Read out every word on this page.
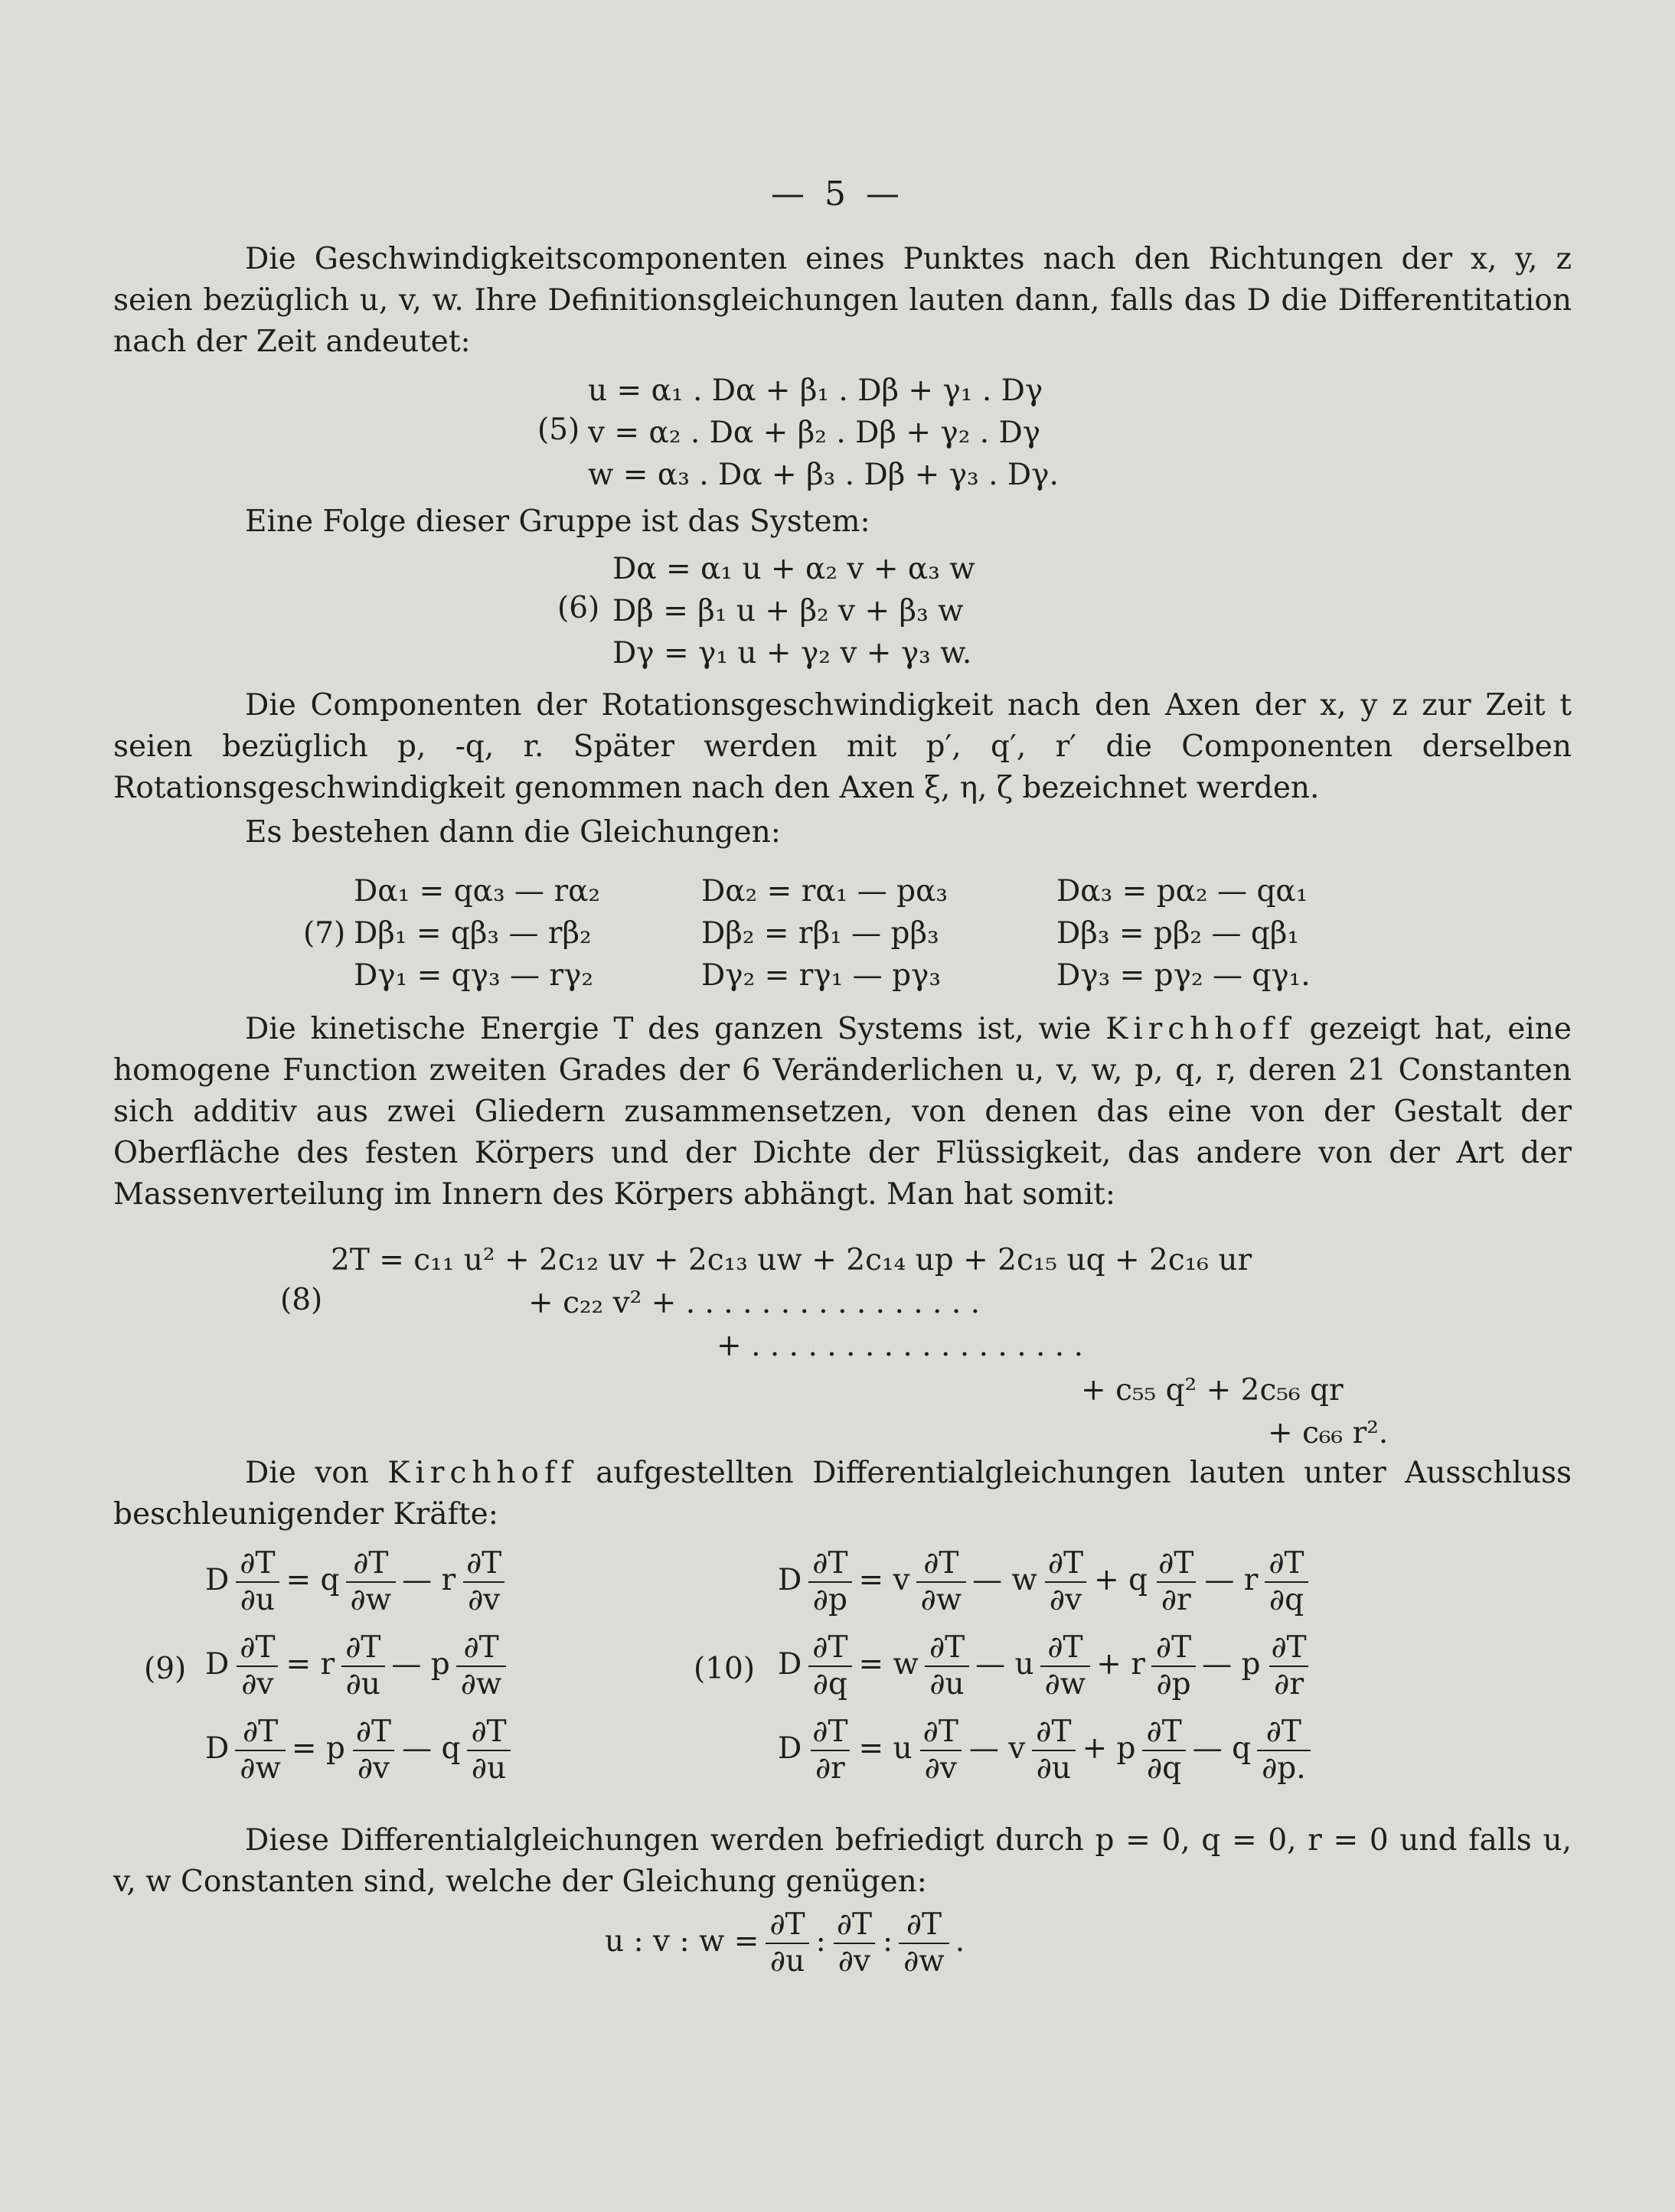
— 5 —

Die Geschwindigkeitscomponenten eines Punktes nach den Richtungen der x, y, z seien bezüglich u, v, w. Ihre Definitionsgleichungen lauten dann, falls das D die Differentitation nach der Zeit andeutet:

(5)
u = α₁ . Dα + β₁ . Dβ + γ₁ . Dγ
v = α₂ . Dα + β₂ . Dβ + γ₂ . Dγ
w = α₃ . Dα + β₃ . Dβ + γ₃ . Dγ.

Eine Folge dieser Gruppe ist das System:

(6)
Dα = α₁ u + α₂ v + α₃ w
Dβ = β₁ u + β₂ v + β₃ w
Dγ = γ₁ u + γ₂ v + γ₃ w.

Die Componenten der Rotationsgeschwindigkeit nach den Axen der x, y z zur Zeit t seien bezüglich p, -q, r. Später werden mit p′, q′, r′ die Componenten derselben Rotationsgeschwindigkeit genommen nach den Axen ξ, η, ζ bezeichnet werden.

Es bestehen dann die Gleichungen:

(7)
Dα₁ = qα₃ — rα₂	Dα₂ = rα₁ — pα₃	Dα₃ = pα₂ — qα₁
Dβ₁ = qβ₃ — rβ₂	Dβ₂ = rβ₁ — pβ₃	Dβ₃ = pβ₂ — qβ₁
Dγ₁ = qγ₃ — rγ₂	Dγ₂ = rγ₁ — pγ₃	Dγ₃ = pγ₂ — qγ₁.

Die kinetische Energie T des ganzen Systems ist, wie Kirchhoff gezeigt hat, eine homogene Function zweiten Grades der 6 Veränderlichen u, v, w, p, q, r, deren 21 Constanten sich additiv aus zwei Gliedern zusammensetzen, von denen das eine von der Gestalt der Oberfläche des festen Körpers und der Dichte der Flüssigkeit, das andere von der Art der Massenverteilung im Innern des Körpers abhängt. Man hat somit:

(8)
2T = c₁₁ u² + 2c₁₂ uv + 2c₁₃ uw + 2c₁₄ up + 2c₁₅ uq + 2c₁₆ ur
+ c₂₂ v² + . . . . . . . . . . . . . . . .
+ . . . . . . . . . . . . . . . . . .
+ c₅₅ q² + 2c₅₆ qr
+ c₆₆ r².

Die von Kirchhoff aufgestellten Differentialgleichungen lauten unter Ausschluss beschleunigender Kräfte:

(9)
D $\frac{\partial T}{\partial u} = q \frac{\partial T}{\partial w}$ — r $\frac{\partial T}{\partial v}$
D $\frac{\partial T}{\partial v} = r \frac{\partial T}{\partial u}$ — p $\frac{\partial T}{\partial w}$
D $\frac{\partial T}{\partial w} = p \frac{\partial T}{\partial v}$ — q $\frac{\partial T}{\partial u}$
(10)
D $\frac{\partial T}{\partial p} = v \frac{\partial T}{\partial w}$ — w $\frac{\partial T}{\partial v} + q \frac{\partial T}{\partial r}$ — r $\frac{\partial T}{\partial q}$
D $\frac{\partial T}{\partial q} = w \frac{\partial T}{\partial u}$ — u $\frac{\partial T}{\partial w} + r \frac{\partial T}{\partial p}$ — p $\frac{\partial T}{\partial r}$
D $\frac{\partial T}{\partial r} = u \frac{\partial T}{\partial v}$ — v $\frac{\partial T}{\partial u} + p \frac{\partial T}{\partial q}$ — q $\frac{\partial T}{\partial p.}$

Diese Differentialgleichungen werden befriedigt durch p = 0, q = 0, r = 0 und falls u, v, w Constanten sind, welche der Gleichung genügen:

u : v : $w = \frac{\partial T}{\partial u}$ : $\frac{\partial T}{\partial v}$ : $\frac{\partial T}{\partial w}$ .
